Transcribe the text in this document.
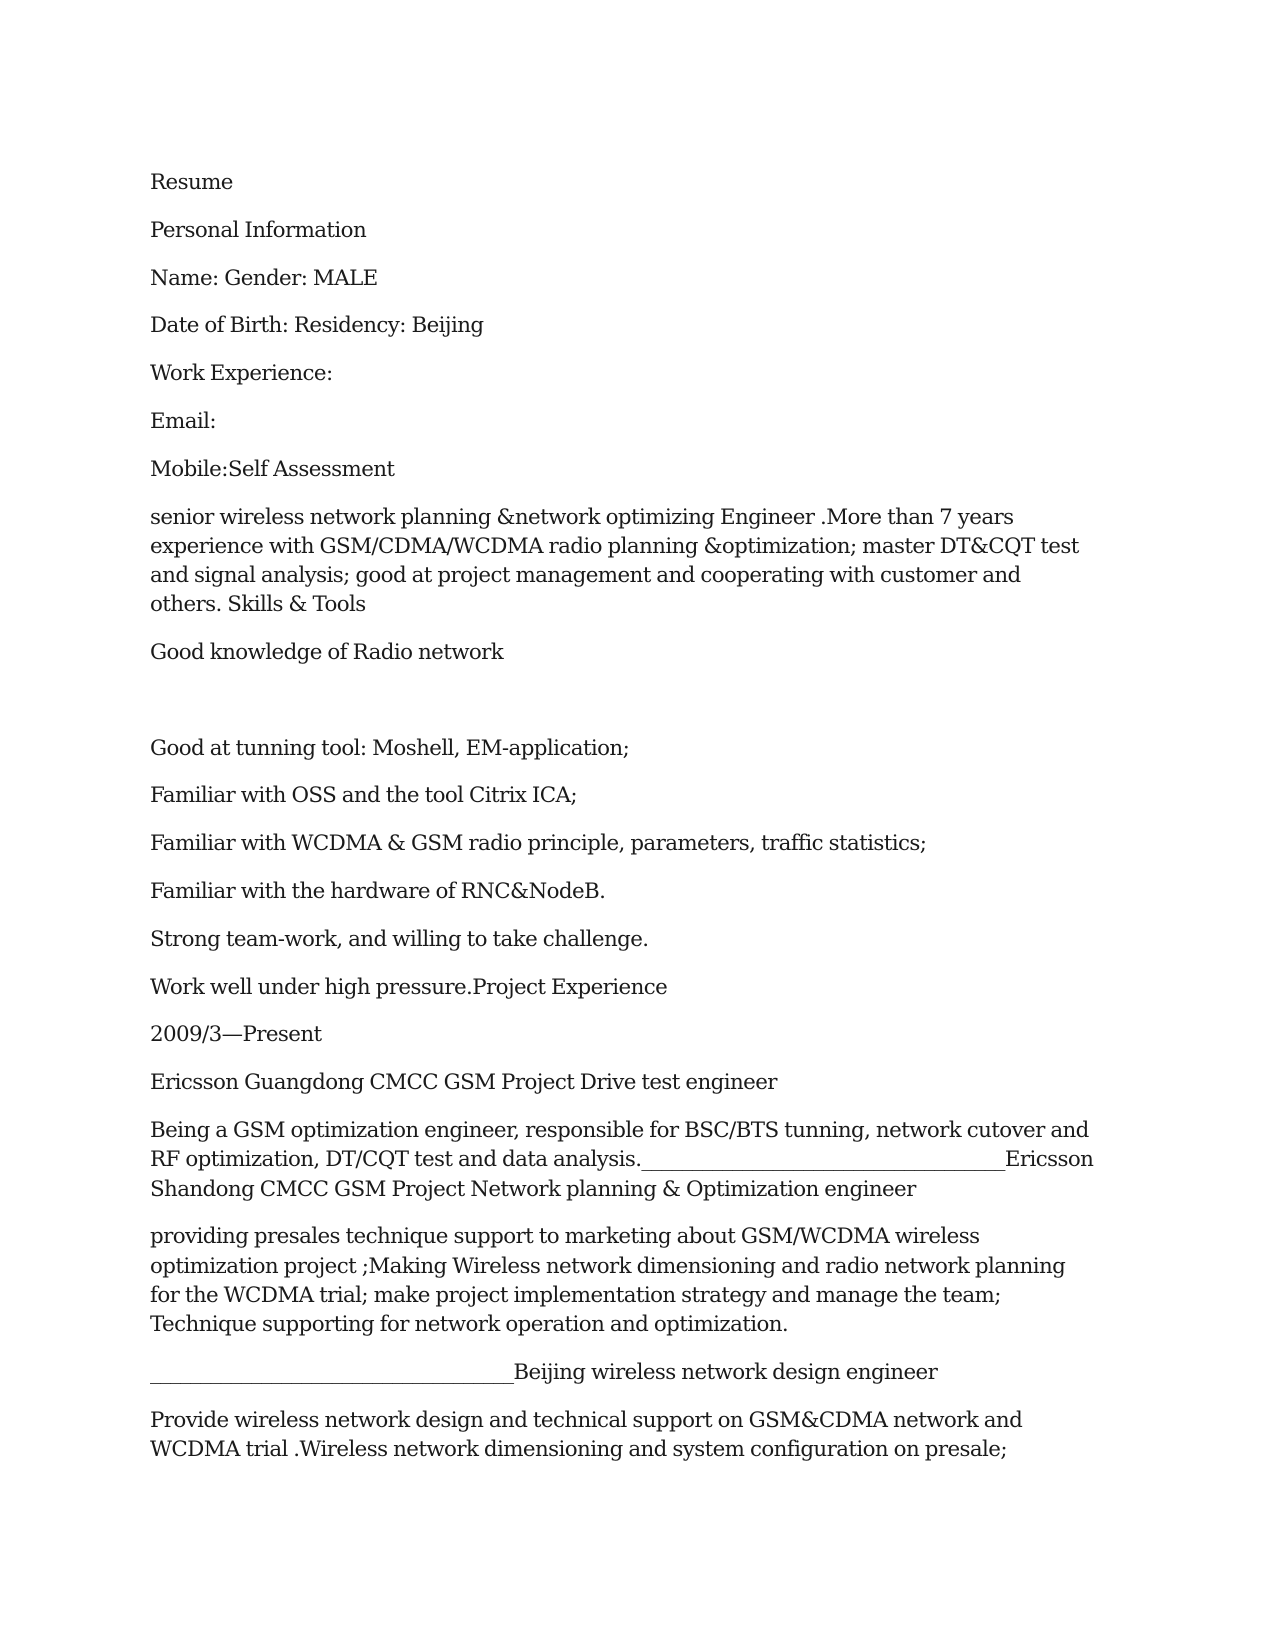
Resume

Personal Information

Name: Gender: MALE

Date of Birth: Residency: Beijing

Work Experience:

Email:

Mobile:Self Assessment

senior wireless network planning &network optimizing Engineer .More than 7 years
experience with GSM/CDMA/WCDMA radio planning &optimization; master DT&CQT test
and signal analysis; good at project management and cooperating with customer and
others. Skills & Tools

Good knowledge of Radio network

Good at tunning tool: Moshell, EM-application;

Familiar with OSS and the tool Citrix ICA;

Familiar with WCDMA & GSM radio principle, parameters, traffic statistics;

Familiar with the hardware of RNC&NodeB.

Strong team-work, and willing to take challenge.

Work well under high pressure.Project Experience

2009/3—Present

Ericsson Guangdong CMCC GSM Project Drive test engineer

Being a GSM optimization engineer, responsible for BSC/BTS tunning, network cutover and
RF optimization, DT/CQT test and data analysis.____________________________________Ericsson
Shandong CMCC GSM Project Network planning & Optimization engineer

providing presales technique support to marketing about GSM/WCDMA wireless
optimization project ;Making Wireless network dimensioning and radio network planning
for the WCDMA trial; make project implementation strategy and manage the team;
Technique supporting for network operation and optimization.

____________________________________Beijing wireless network design engineer

Provide wireless network design and technical support on GSM&CDMA network and
WCDMA trial .Wireless network dimensioning and system configuration on presale;
